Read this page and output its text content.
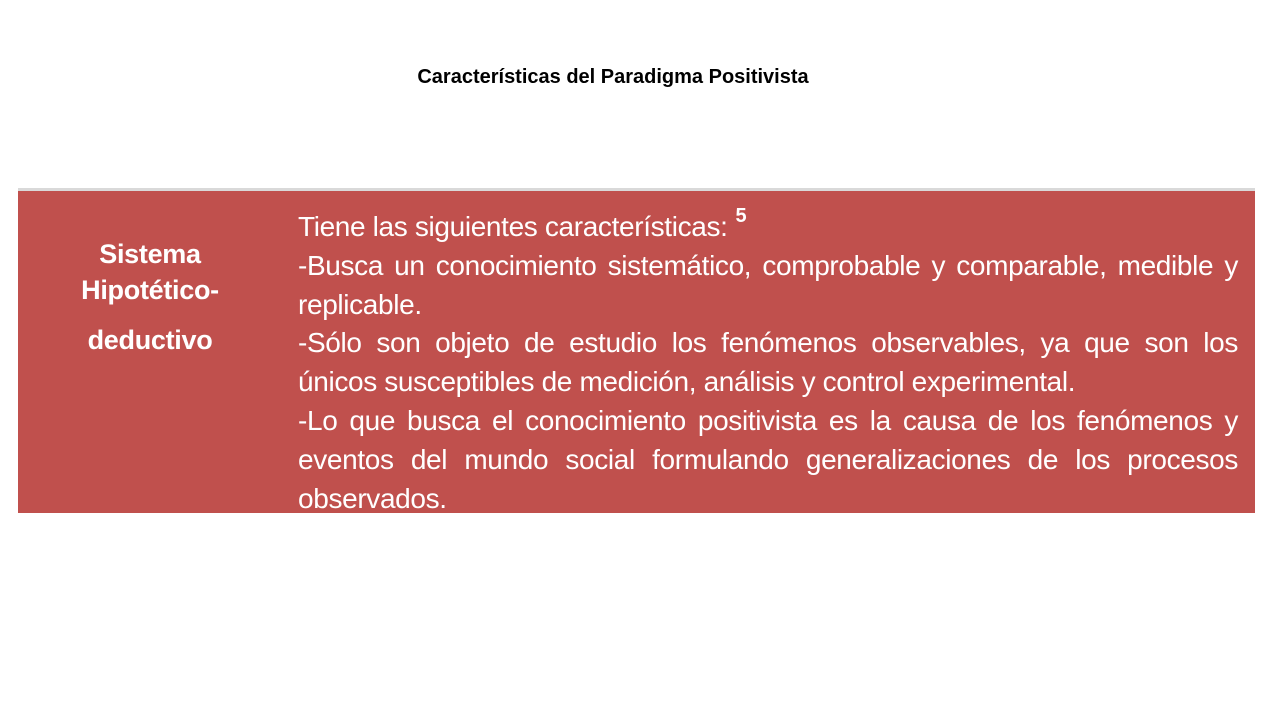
Características del Paradigma Positivista
Sistema
Hipotético-
deductivo
Tiene las siguientes características: $^5$
-Busca un conocimiento sistemático, comprobable y comparable, medible y replicable.
-Sólo son objeto de estudio los fenómenos observables, ya que son los únicos susceptibles de medición, análisis y control experimental.
-Lo que busca el conocimiento positivista es la causa de los fenómenos y eventos del mundo social formulando generalizaciones de los procesos observados.
